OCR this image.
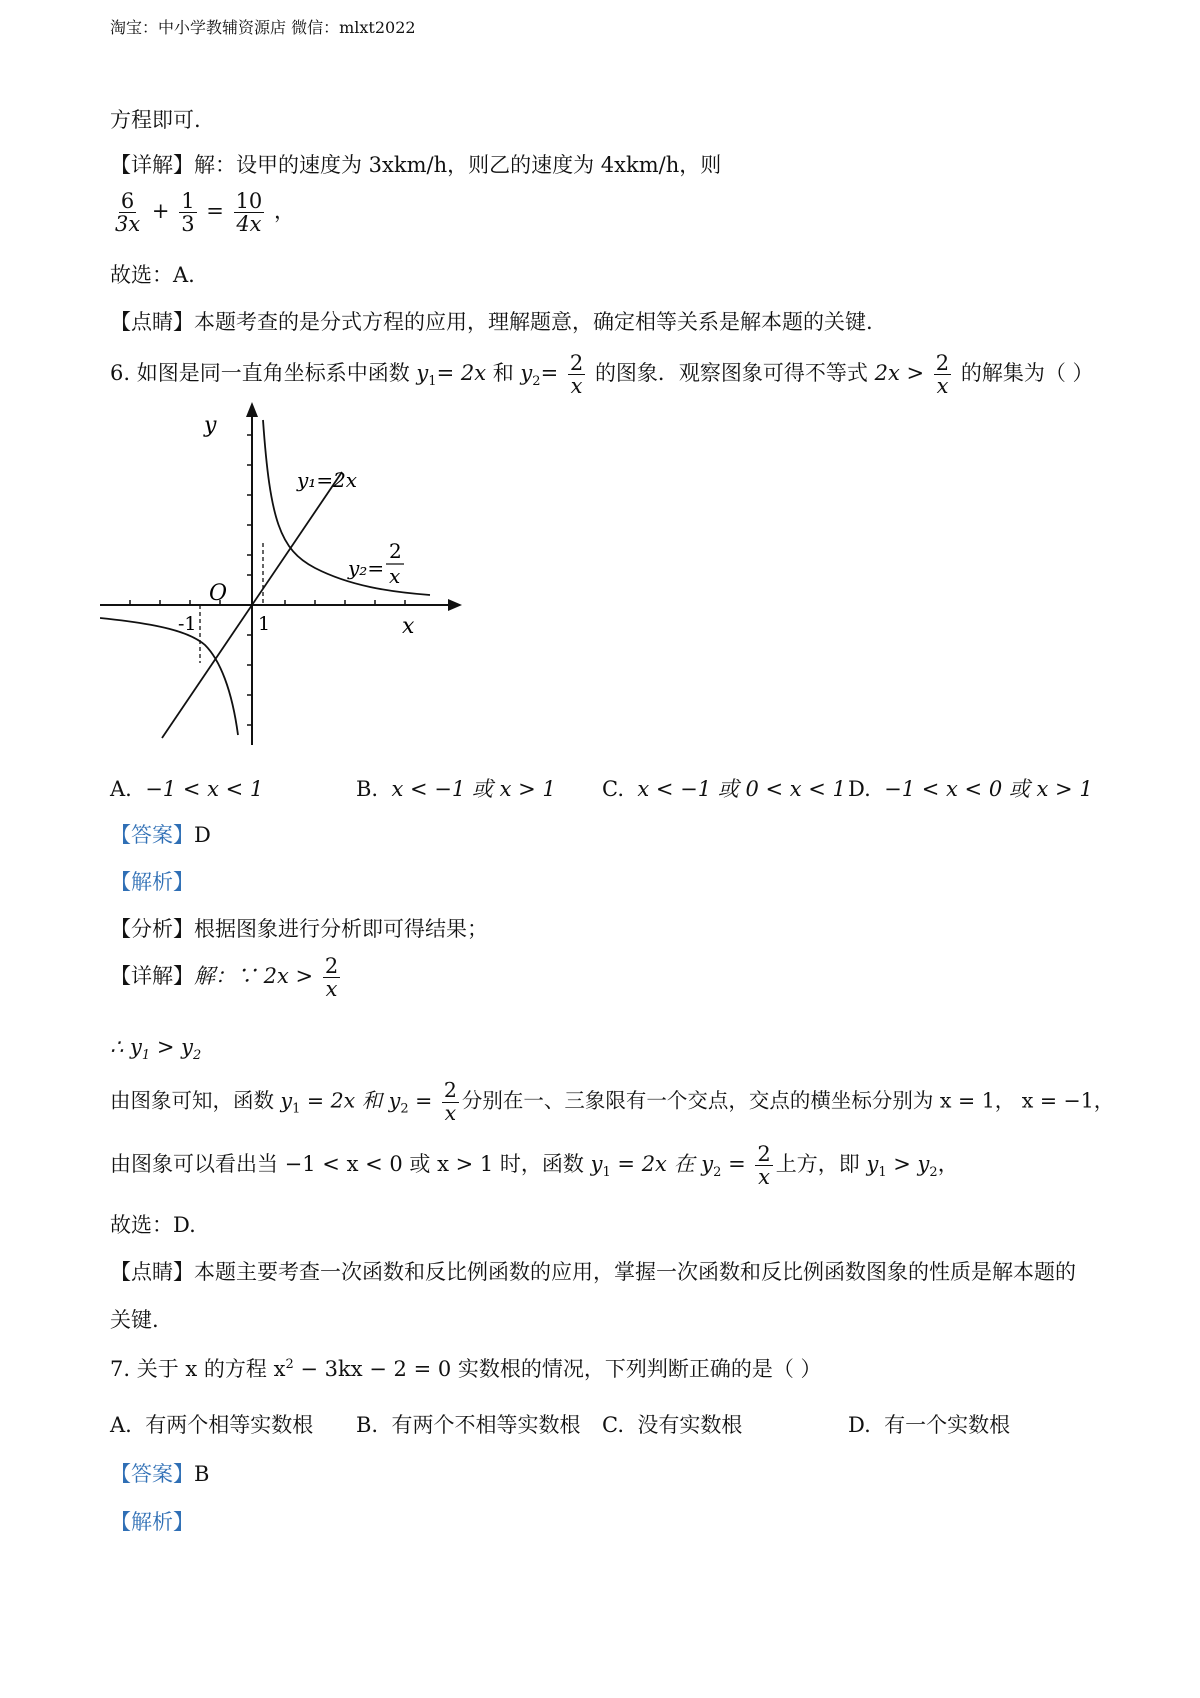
淘宝：中小学教辅资源店 微信：mlxt2022
方程即可.
【详解】解：设甲的速度为 3xkm/h，则乙的速度为 4xkm/h，则
$\frac{6}{3x} + \frac{1}{3} = \frac{10}{4x}$ ，
故选：A.
【点睛】本题考查的是分式方程的应用，理解题意，确定相等关系是解本题的关键.
6. 如图是同一直角坐标系中函数 $y_1= 2x$ 和 $y_2= \frac{2}{x}$ 的图象．观察图象可得不等式 $2x > \frac{2}{x}$ 的解集为（ ）
y
x
O
-1	1
y₁=2x
y₂=
2
x
A. −1 < x < 1	B. x < −1 或 x > 1 C. x < −1 或 0 < x < 1 D. −1 < x < 0 或 x > 1
【答案】D
【解析】
【分析】根据图象进行分析即可得结果；
【详解】解：∵ $2x > \frac{2}{x}$
∴ $y_1 > y_2$
由图象可知，函数 $y_1 = 2x$ 和 $y_2 = \frac{2}{x}$ 分别在一、三象限有一个交点，交点的横坐标分别为 x = 1， x = −1，
由图象可以看出当 −1 < x < 0 或 x > 1 时，函数 $y_1 = 2x$ 在 $y_2 = \frac{2}{x}$ 上方，即 $y_1 > y_2$，
故选：D.
【点睛】本题主要考查一次函数和反比例函数的应用，掌握一次函数和反比例函数图象的性质是解本题的
关键.
7. 关于 x 的方程 $x^2 - 3kx - 2 = 0$ 实数根的情况，下列判断正确的是（ ）
A. 有两个相等实数根 B. 有两个不相等实数根 C. 没有实数根	D. 有一个实数根
【答案】B
【解析】
